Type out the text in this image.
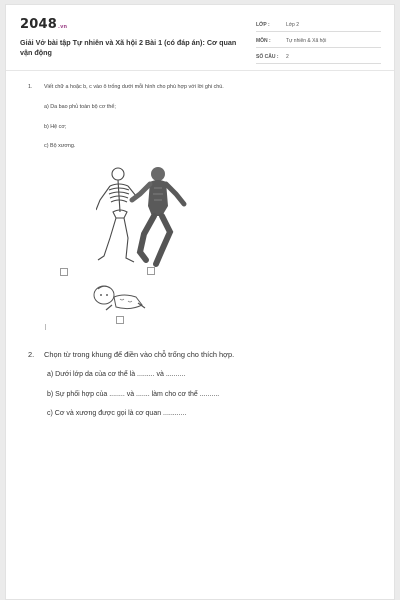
2048.vn
Giải Vở bài tập Tự nhiên và Xã hội 2 Bài 1 (có đáp án): Cơ quan vận động
LỚP :	Lớp 2
MÔN :	Tự nhiên & Xã hội
SỐ CÂU : 2
1. Viết chữ a hoặc b, c vào ô trống dưới mỗi hình cho phù hợp với lời ghi chú.
a) Da bao phủ toàn bộ cơ thể;
b) Hệ cơ;
c) Bộ xương.
2. Chọn từ trong khung để điền vào chỗ trống cho thích hợp.
a) Dưới lớp da của cơ thể là ......... và ..........
b) Sự phối hợp của ........ và ....... làm cho cơ thể ..........
c) Cơ và xương được gọi là cơ quan ............
